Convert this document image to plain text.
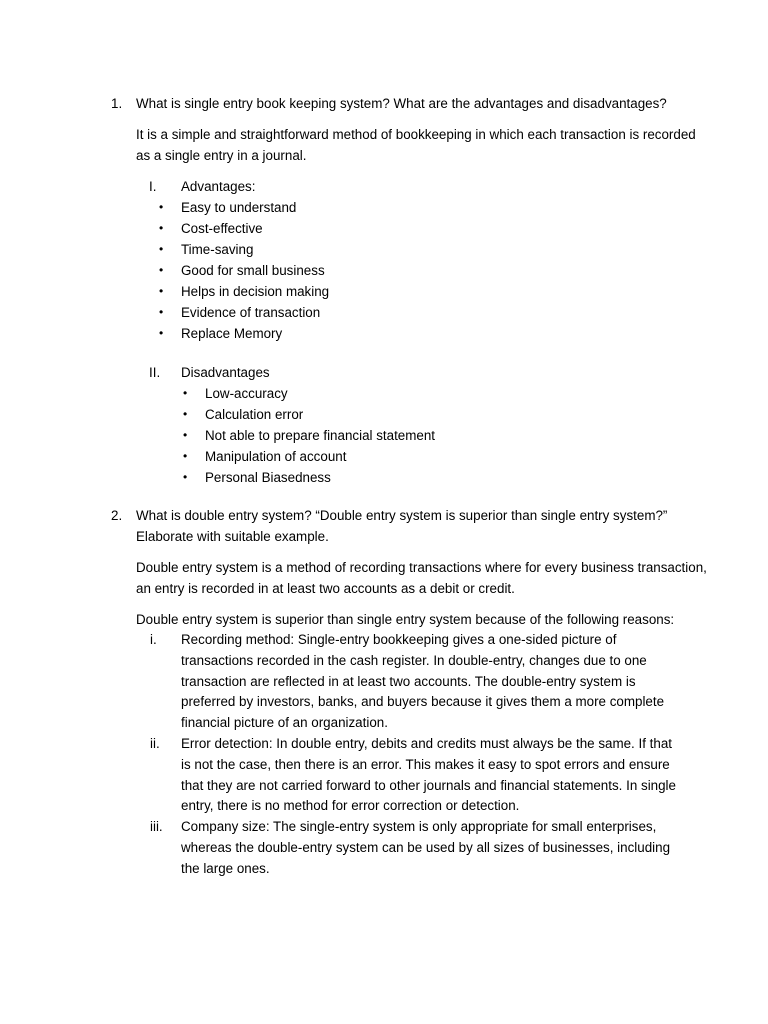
1. What is single entry book keeping system? What are the advantages and disadvantages?
It is a simple and straightforward method of bookkeeping in which each transaction is recorded as a single entry in a journal.
I. Advantages:
• Easy to understand
• Cost-effective
• Time-saving
• Good for small business
• Helps in decision making
• Evidence of transaction
• Replace Memory
II. Disadvantages
• Low-accuracy
• Calculation error
• Not able to prepare financial statement
• Manipulation of account
• Personal Biasedness
2. What is double entry system? “Double entry system is superior than single entry system?” Elaborate with suitable example.
Double entry system is a method of recording transactions where for every business transaction, an entry is recorded in at least two accounts as a debit or credit.
Double entry system is superior than single entry system because of the following reasons:
i. Recording method: Single-entry bookkeeping gives a one-sided picture of transactions recorded in the cash register. In double-entry, changes due to one transaction are reflected in at least two accounts. The double-entry system is preferred by investors, banks, and buyers because it gives them a more complete financial picture of an organization.
ii. Error detection: In double entry, debits and credits must always be the same. If that is not the case, then there is an error. This makes it easy to spot errors and ensure that they are not carried forward to other journals and financial statements. In single entry, there is no method for error correction or detection.
iii. Company size: The single-entry system is only appropriate for small enterprises, whereas the double-entry system can be used by all sizes of businesses, including the large ones.
